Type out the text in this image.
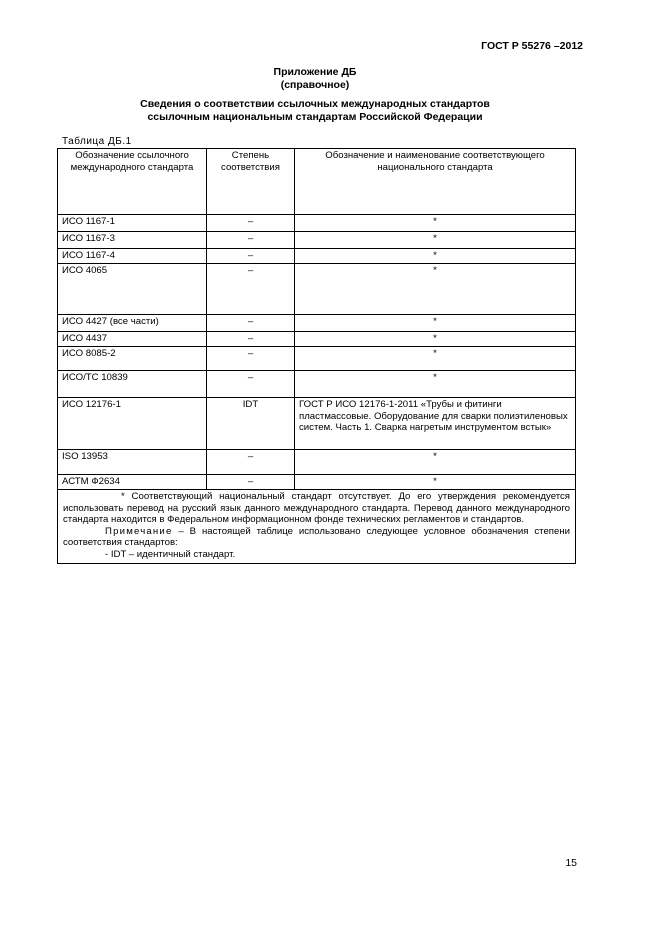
ГОСТ Р 55276 –2012
Приложение ДБ
(справочное)
Сведения о соответствии ссылочных международных стандартов
ссылочным национальным стандартам Российской Федерации
Таблица ДБ.1
Обозначение ссылочного международного стандарта	Степень соответствия	Обозначение и наименование соответствующего национального стандарта
ИСО 1167-1	–	*
ИСО 1167-3	–	*
ИСО 1167-4	–	*
ИСО 4065	–	*
ИСО 4427 (все части)	–	*
ИСО 4437	–	*
ИСО 8085-2	–	*
ИСО/ТС 10839	–	*
ИСО 12176-1	IDT	ГОСТ Р ИСО 12176-1-2011 «Трубы и фитинги пластмассовые. Оборудование для сварки полиэтиленовых систем. Часть 1. Сварка нагретым инструментом встык»
ISO 13953	–	*
АСТМ Ф2634	–	*

* Соответствующий национальный стандарт отсутствует. До его утверждения рекомендуется использовать перевод на русский язык данного международного стандарта. Перевод данного международного стандарта находится в Федеральном информационном фонде технических регламентов и стандартов.

Примечание – В настоящей таблице использовано следующее условное обозначения степени соответствия стандартов:

- IDT – идентичный стандарт.		

15
